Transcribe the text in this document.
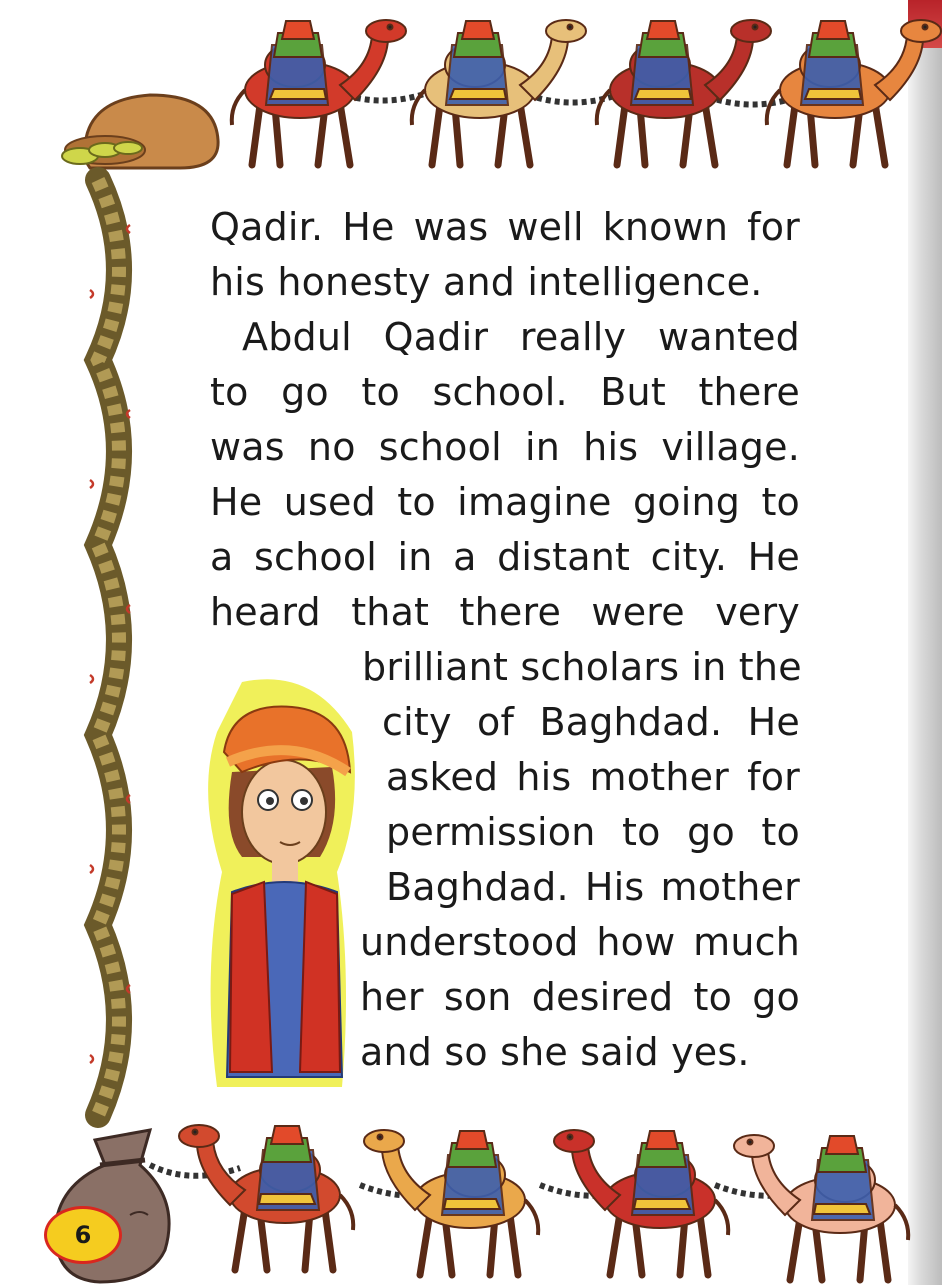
Qadir. He was well known for
his honesty and intelligence.
Abdul Qadir really wanted
to go to school. But there
was no school in his village.
He used to imagine going to
a school in a distant city. He
heard that there were very
brilliant scholars in the
city of Baghdad. He
asked his mother for
permission to go to
Baghdad. His mother
understood how much
her son desired to go
and so she said yes.
6
